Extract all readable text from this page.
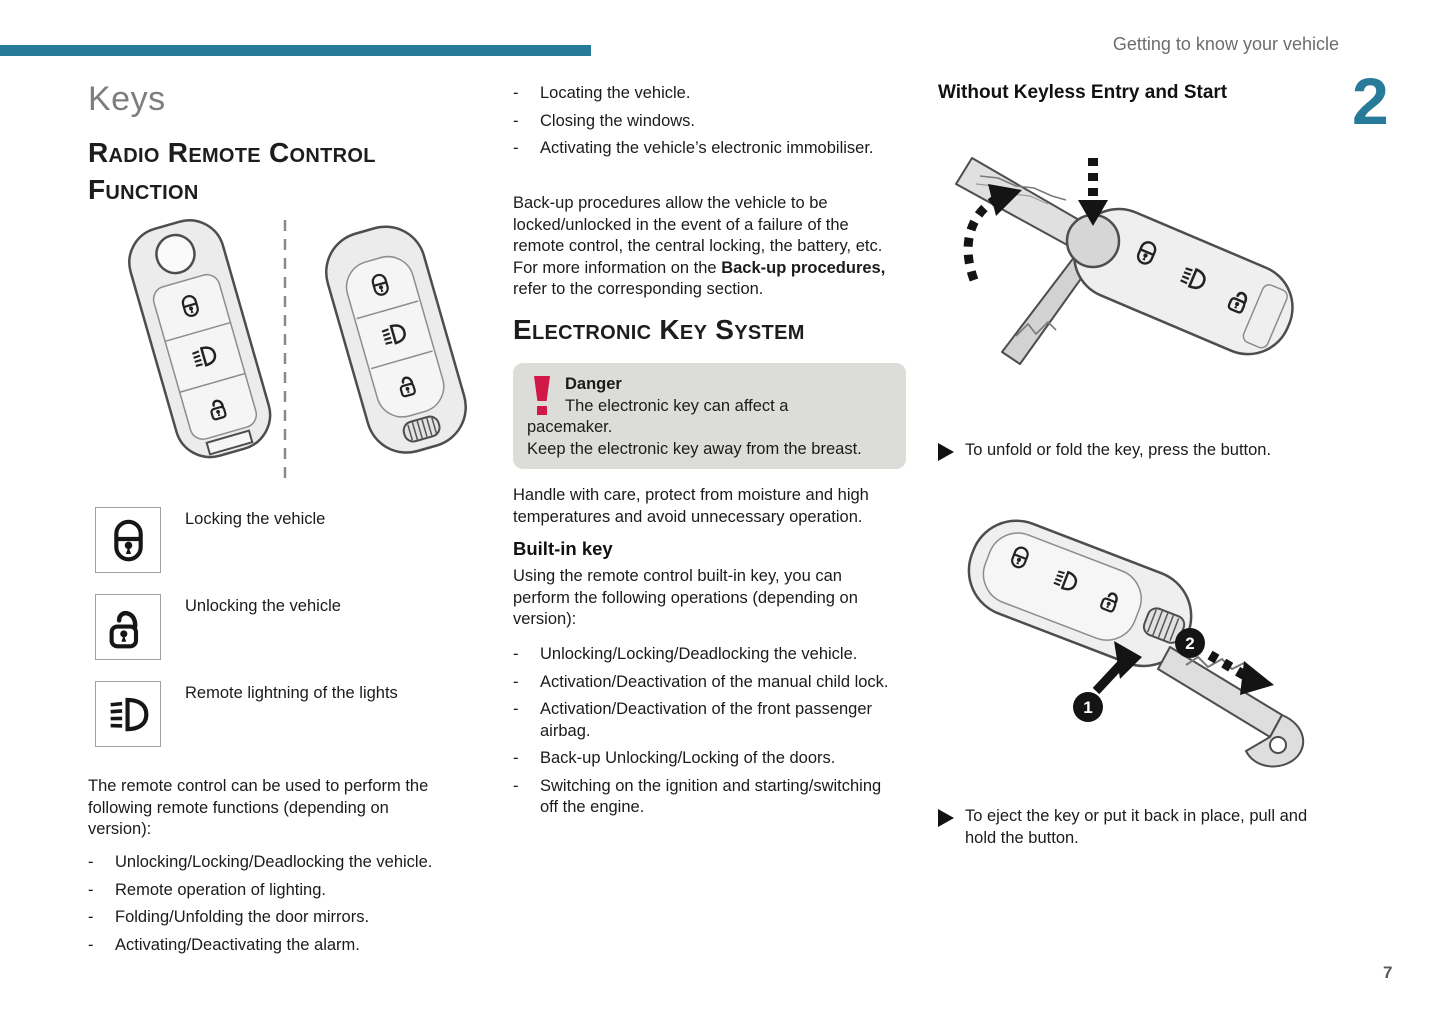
Getting to know your vehicle
2
Keys
Radio Remote Control Function
Locking the vehicle
Unlocking the vehicle
Remote lightning of the lights
The remote control can be used to perform the following remote functions (depending on version):
-	Unlocking/Locking/Deadlocking the vehicle.
-	Remote operation of lighting.
-	Folding/Unfolding the door mirrors.
-	Activating/Deactivating the alarm.
-	Locating the vehicle.
-	Closing the windows.
-	Activating the vehicle’s electronic immobiliser.

Back-up procedures allow the vehicle to be locked/unlocked in the event of a failure of the remote control, the central locking, the battery, etc. For more information on the Back-up procedures, refer to the corresponding section.

Electronic Key System
Danger
The electronic key can affect a
pacemaker.
Keep the electronic key away from the breast.
Handle with care, protect from moisture and high temperatures and avoid unnecessary operation.
Built-in key
Using the remote control built-in key, you can perform the following operations (depending on version):
-	Unlocking/Locking/Deadlocking the vehicle.
-	Activation/Deactivation of the manual child lock.
-	Activation/Deactivation of the front passenger airbag.
-	Back-up Unlocking/Locking of the doors.
-	Switching on the ignition and starting/​switching off the engine.
Without Keyless Entry and Start
To unfold or fold the key, press the button.
1
2
To eject the key or put it back in place, pull and hold the button.
7
